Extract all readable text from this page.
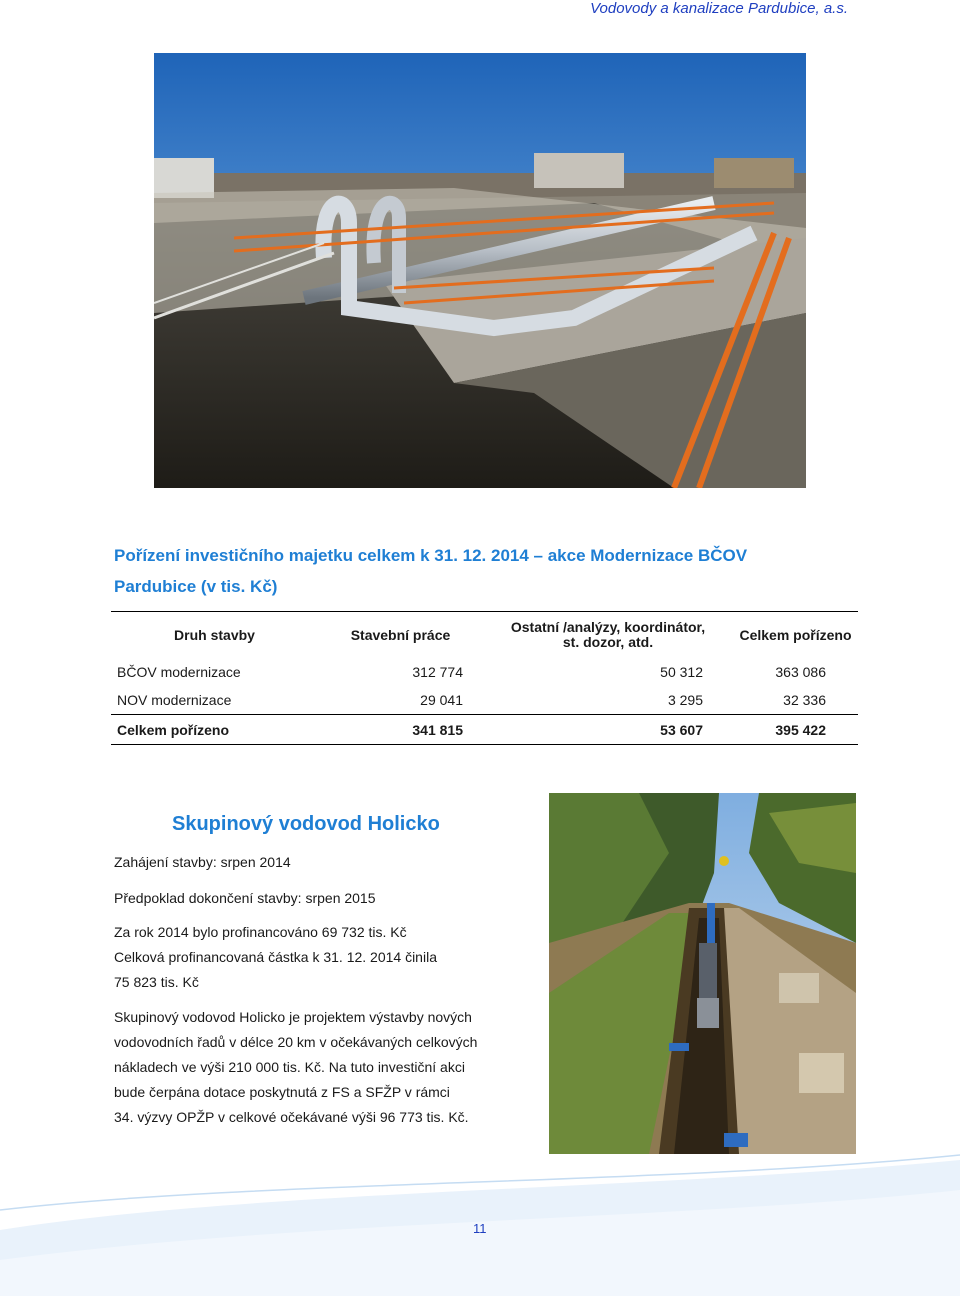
Vodovody a kanalizace Pardubice, a.s.
Pořízení investičního majetku celkem k 31. 12. 2014 – akce Modernizace BČOV
Pardubice (v tis. Kč)
Druh stavby	Stavební práce	Ostatní /analýzy, koordinátor,
st. dozor, atd.	Celkem pořízeno
BČOV modernizace	312 774	50 312	363 086
NOV modernizace	29 041	3 295	32 336
Celkem pořízeno	341 815	53 607	395 422
Skupinový vodovod Holicko
Zahájení stavby: srpen 2014
Předpoklad dokončení stavby: srpen 2015
Za rok 2014 bylo profinancováno 69 732 tis. Kč
Celková profinancovaná částka k 31. 12. 2014 činila
75 823 tis. Kč
Skupinový vodovod Holicko je projektem výstavby nových
vodovodních řadů v délce 20 km v očekávaných celkových
nákladech ve výši 210 000 tis. Kč. Na tuto investiční akci
bude čerpána dotace poskytnutá z FS a SFŽP v rámci
34. výzvy OPŽP v celkové očekávané výši 96 773 tis. Kč.
11
